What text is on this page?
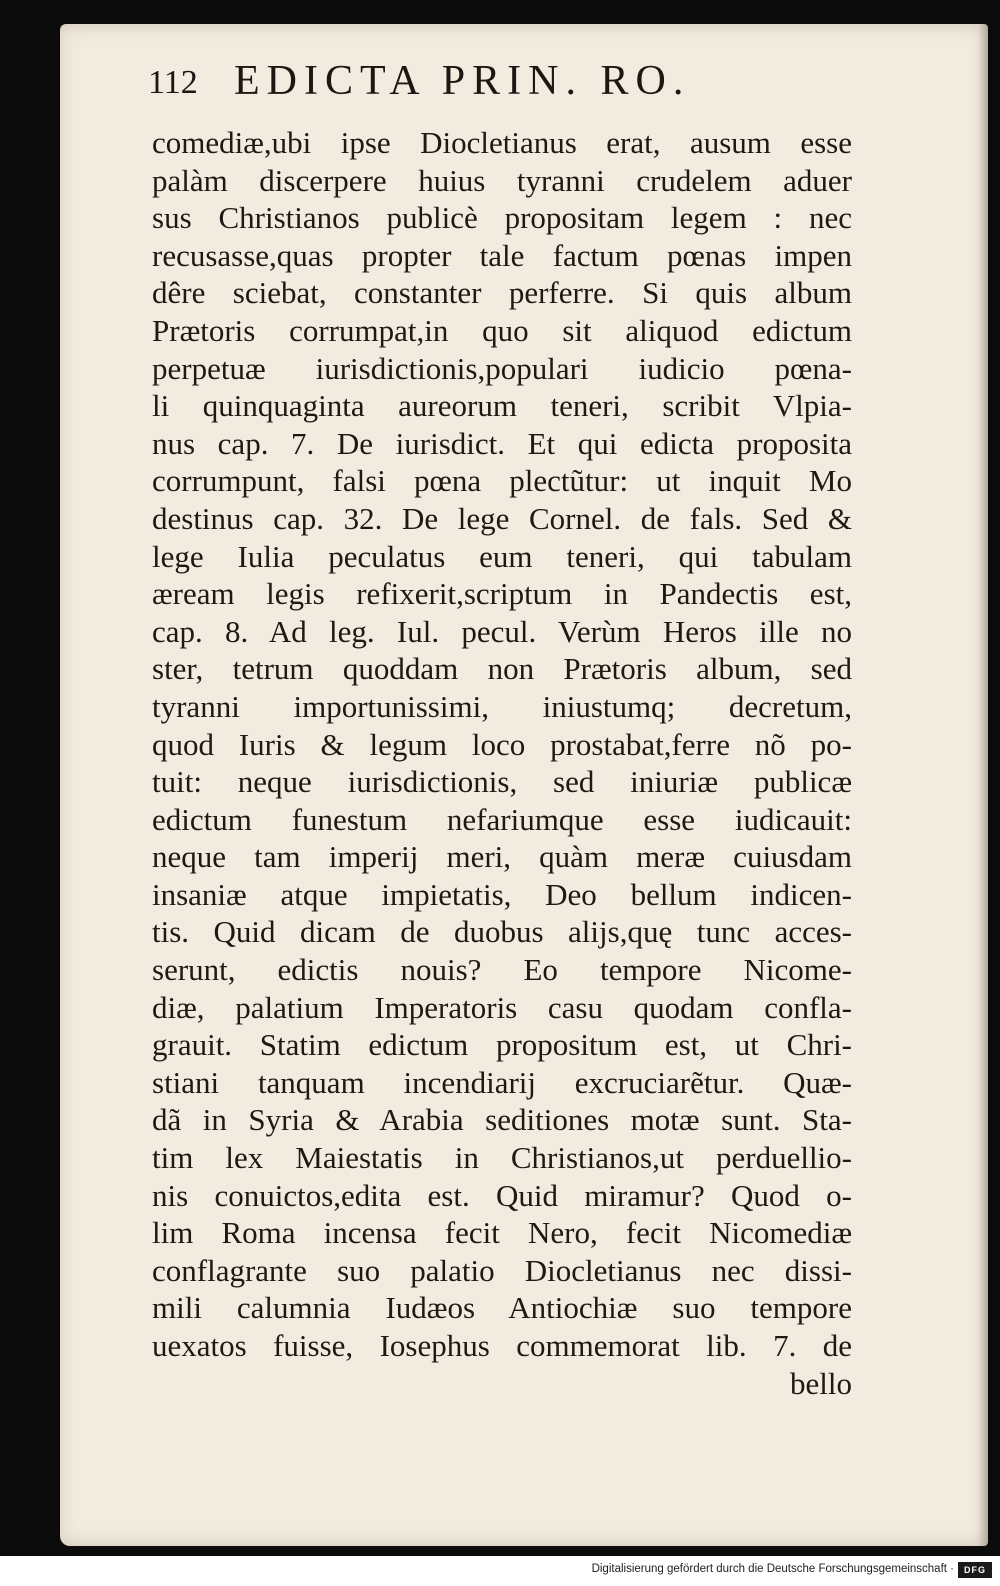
112 EDICTA PRIN. RO.
comediæ,ubi ipse Diocletianus erat, ausum esse
palàm discerpere huius tyranni crudelem aduer
sus Christianos publicè propositam legem : nec
recusasse,quas propter tale factum pœnas impen
dêre sciebat, constanter perferre. Si quis album
Prætoris corrumpat,in quo sit aliquod edictum
perpetuæ iurisdictionis,populari iudicio pœna-
li quinquaginta aureorum teneri, scribit Vlpia-
nus cap. 7. De iurisdict. Et qui edicta proposita
corrumpunt, falsi pœna plectũtur: ut inquit Mo
destinus cap. 32. De lege Cornel. de fals. Sed &
lege Iulia peculatus eum teneri, qui tabulam
æream legis refixerit,scriptum in Pandectis est,
cap. 8. Ad leg. Iul. pecul. Verùm Heros ille no
ster, tetrum quoddam non Prætoris album, sed
tyranni importunissimi, iniustumq; decretum,
quod Iuris & legum loco prostabat,ferre nõ po-
tuit: neque iurisdictionis, sed iniuriæ publicæ
edictum funestum nefariumque esse iudicauit:
neque tam imperij meri, quàm meræ cuiusdam
insaniæ atque impietatis, Deo bellum indicen-
tis. Quid dicam de duobus alijs,quę tunc acces-
serunt, edictis nouis? Eo tempore Nicome-
diæ, palatium Imperatoris casu quodam confla-
grauit. Statim edictum propositum est, ut Chri-
stiani tanquam incendiarij excruciarẽtur. Quæ-
dã in Syria & Arabia seditiones motæ sunt. Sta-
tim lex Maiestatis in Christianos,ut perduellio-
nis conuictos,edita est. Quid miramur? Quod o-
lim Roma incensa fecit Nero, fecit Nicomediæ
conflagrante suo palatio Diocletianus nec dissi-
mili calumnia Iudæos Antiochiæ suo tempore
uexatos fuisse, Iosephus commemorat lib. 7. de
bello
Digitalisierung gefördert durch die Deutsche Forschungsgemeinschaft ·	DFG
